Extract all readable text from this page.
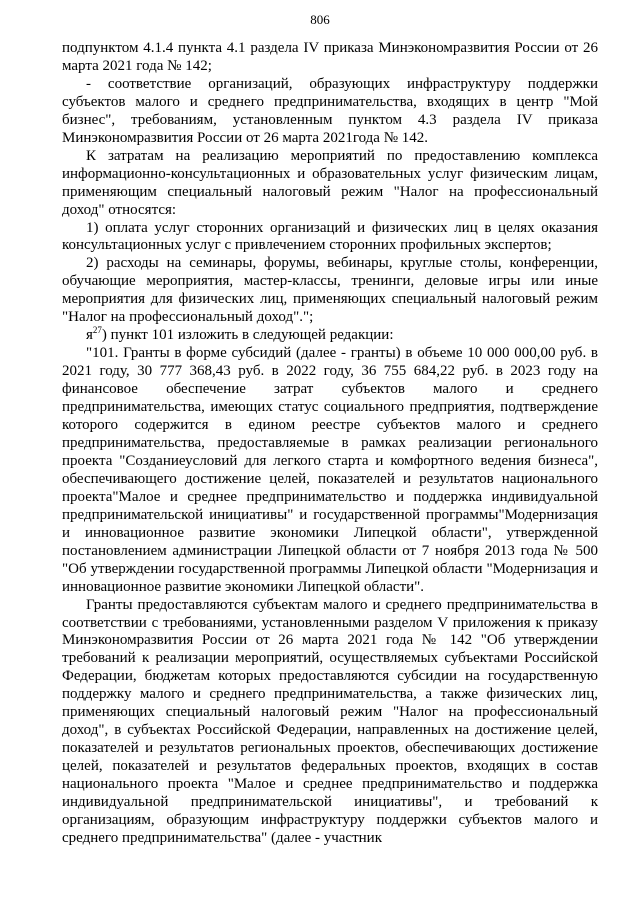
806

подпунктом 4.1.4 пункта 4.1 раздела IV приказа Минэкономразвития России от 26 марта 2021 года № 142;

- соответствие организаций, образующих инфраструктуру поддержки субъектов малого и среднего предпринимательства, входящих в центр "Мой бизнес", требованиям, установленным пунктом 4.3 раздела IV приказа Минэкономразвития России от 26 марта 2021года № 142.

К затратам на реализацию мероприятий по предоставлению комплекса информационно-консультационных и образовательных услуг физическим лицам, применяющим специальный налоговый режим "Налог на профессиональный доход" относятся:

1) оплата услуг сторонних организаций и физических лиц в целях оказания консультационных услуг с привлечением сторонних профильных экспертов;

2) расходы на семинары, форумы, вебинары, круглые столы, конференции, обучающие мероприятия, мастер-классы, тренинги, деловые игры или иные мероприятия для физических лиц, применяющих специальный налоговый режим "Налог на профессиональный доход".";

$я^{27}$) пункт 101 изложить в следующей редакции:

"101. Гранты в форме субсидий (далее - гранты) в объеме 10 000 000,00 руб. в 2021 году, 30 777 368,43 руб. в 2022 году, 36 755 684,22 руб. в 2023 году на финансовое обеспечение затрат субъектов малого и среднего предпринимательства, имеющих статус социального предприятия, подтверждение которого содержится в едином реестре субъектов малого и среднего предпринимательства, предоставляемые в рамках реализации регионального проекта "Созданиеусловий для легкого старта и комфортного ведения бизнеса", обеспечивающего достижение целей, показателей и результатов национального проекта"Малое и среднее предпринимательство и поддержка индивидуальной предпринимательской инициативы" и государственной программы"Модернизация и инновационное развитие экономики Липецкой области", утвержденной постановлением администрации Липецкой области от 7 ноября 2013 года № 500 "Об утверждении государственной программы Липецкой области "Модернизация и инновационное развитие экономики Липецкой области".

Гранты предоставляются субъектам малого и среднего предпринимательства в соответствии с требованиями, установленными разделом V приложения к приказу Минэкономразвития России от 26 марта 2021 года № 142 "Об утверждении требований к реализации мероприятий, осуществляемых субъектами Российской Федерации, бюджетам которых предоставляются субсидии на государственную поддержку малого и среднего предпринимательства, а также физических лиц, применяющих специальный налоговый режим "Налог на профессиональный доход", в субъектах Российской Федерации, направленных на достижение целей, показателей и результатов региональных проектов, обеспечивающих достижение целей, показателей и результатов федеральных проектов, входящих в состав национального проекта "Малое и среднее предпринимательство и поддержка индивидуальной предпринимательской инициативы", и требований к организациям, образующим инфраструктуру поддержки субъектов малого и среднего предпринимательства" (далее - участник
